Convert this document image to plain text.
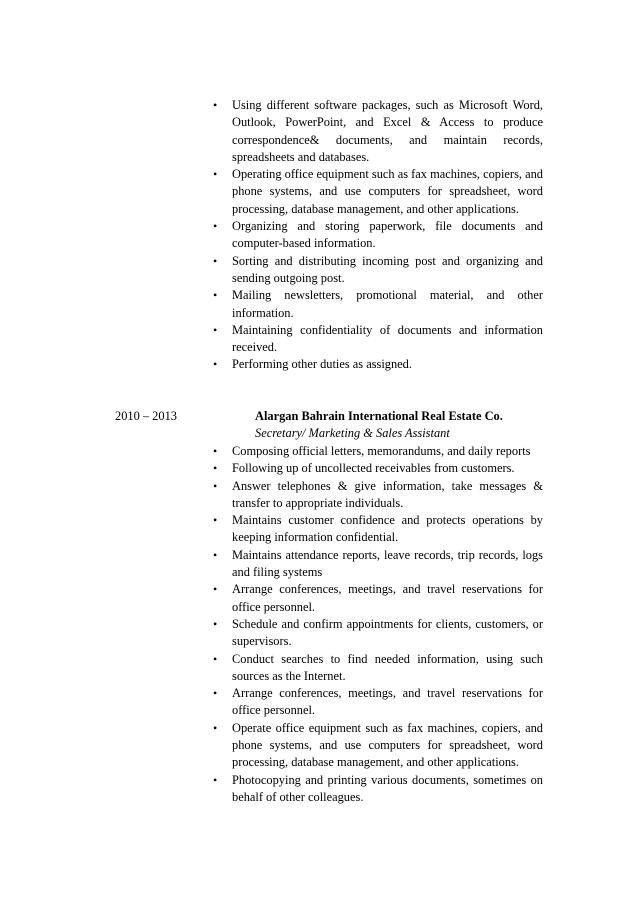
• Using different software packages, such as Microsoft Word, Outlook, PowerPoint, and Excel & Access to produce correspondence& documents, and maintain records, spreadsheets and databases.
• Operating office equipment such as fax machines, copiers, and phone systems, and use computers for spreadsheet, word processing, database management, and other applications.
• Organizing and storing paperwork, file documents and computer-based information.
• Sorting and distributing incoming post and organizing and sending outgoing post.
• Mailing newsletters, promotional material, and other information.
• Maintaining confidentiality of documents and information received.
• Performing other duties as assigned.
2010 – 2013	Alargan Bahrain International Real Estate Co.
Secretary/ Marketing & Sales Assistant
• Composing official letters, memorandums, and daily reports
• Following up of uncollected receivables from customers.
• Answer telephones & give information, take messages & transfer to appropriate individuals.
• Maintains customer confidence and protects operations by keeping information confidential.
• Maintains attendance reports, leave records, trip records, logs and filing systems
• Arrange conferences, meetings, and travel reservations for office personnel.
• Schedule and confirm appointments for clients, customers, or supervisors.
• Conduct searches to find needed information, using such sources as the Internet.
• Arrange conferences, meetings, and travel reservations for office personnel.
• Operate office equipment such as fax machines, copiers, and phone systems, and use computers for spreadsheet, word processing, database management, and other applications.
• Photocopying and printing various documents, sometimes on behalf of other colleagues.
